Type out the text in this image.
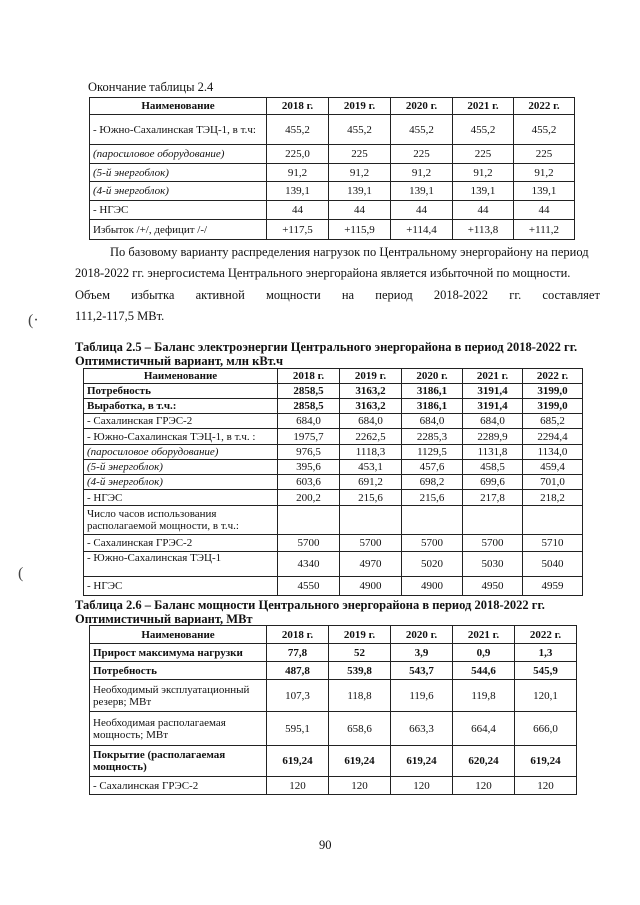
Окончание таблицы 2.4
Наименование	2018 г.	2019 г.	2020 г.	2021 г.	2022 г.
- Южно-Сахалинская ТЭЦ-1, в т.ч:	455,2	455,2	455,2	455,2	455,2
(паросиловое оборудование)	225,0	225	225	225	225
(5-й энергоблок)	91,2	91,2	91,2	91,2	91,2
(4-й энергоблок)	139,1	139,1	139,1	139,1	139,1
- НГЭС	44	44	44	44	44
Избыток /+/, дефицит /-/	+117,5	+115,9	+114,4	+113,8	+111,2
По базовому варианту распределения нагрузок по Центральному энергорайону на период
2018-2022 гг. энергосистема Центрального энергорайона является избыточной по мощности.
Объем избытка активной мощности на период 2018-2022 гг. составляет
111,2-117,5 МВт.
(·
Таблица 2.5 – Баланс электроэнергии Центрального энергорайона в период 2018-2022 гг.
Оптимистичный вариант, млн кВт.ч
Наименование	2018 г.	2019 г.	2020 г.	2021 г.	2022 г.
Потребность	2858,5	3163,2	3186,1	3191,4	3199,0
Выработка, в т.ч.:	2858,5	3163,2	3186,1	3191,4	3199,0
- Сахалинская ГРЭС-2	684,0	684,0	684,0	684,0	685,2
- Южно-Сахалинская ТЭЦ-1, в т.ч. :	1975,7	2262,5	2285,3	2289,9	2294,4
(паросиловое оборудование)	976,5	1118,3	1129,5	1131,8	1134,0
(5-й энергоблок)	395,6	453,1	457,6	458,5	459,4
(4-й энергоблок)	603,6	691,2	698,2	699,6	701,0
- НГЭС	200,2	215,6	215,6	217,8	218,2
Число часов использования располагаемой мощности, в т.ч.:					
- Сахалинская ГРЭС-2	5700	5700	5700	5700	5710
- Южно-Сахалинская ТЭЦ-1	4340	4970	5020	5030	5040
- НГЭС	4550	4900	4900	4950	4959
(
Таблица 2.6 – Баланс мощности Центрального энергорайона в период 2018-2022 гг.
Оптимистичный вариант, МВт
Наименование	2018 г.	2019 г.	2020 г.	2021 г.	2022 г.
Прирост максимума нагрузки	77,8	52	3,9	0,9	1,3
Потребность	487,8	539,8	543,7	544,6	545,9
Необходимый эксплуатационный резерв; МВт	107,3	118,8	119,6	119,8	120,1
Необходимая располагаемая мощность; МВт	595,1	658,6	663,3	664,4	666,0
Покрытие (располагаемая мощность)	619,24	619,24	619,24	620,24	619,24
- Сахалинская ГРЭС-2	120	120	120	120	120
90
